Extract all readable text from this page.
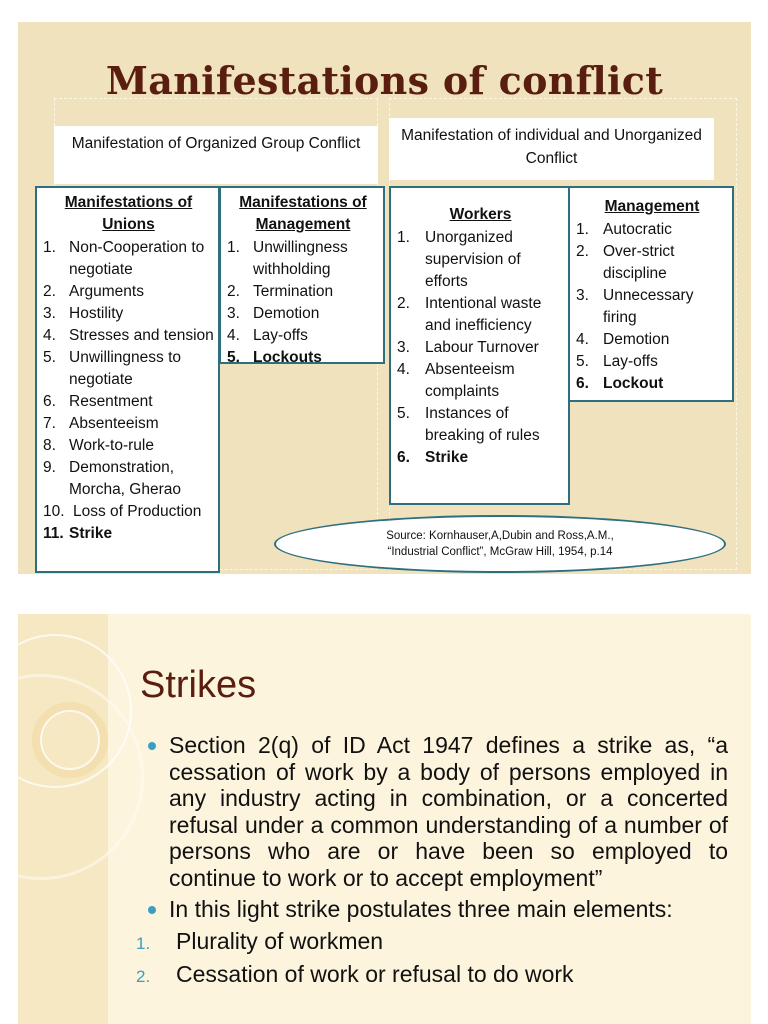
Manifestations of conflict
Manifestation of Organized Group Conflict	Manifestation of individual and Unorganized Conflict
Manifestations of Unions
1. Non-Cooperation to negotiate
2. Arguments
3. Hostility
4. Stresses and tension
5. Unwillingness to negotiate
6. Resentment
7. Absenteeism
8. Work-to-rule
9. Demonstration, Morcha, Gherao
10. Loss of Production
11. Strike
Manifestations of Management
1. Unwillingness withholding
2. Termination
3. Demotion
4. Lay-offs
5. Lockouts
Workers
1. Unorganized supervision of efforts
2. Intentional waste and inefficiency
3. Labour Turnover
4. Absenteeism complaints
5. Instances of breaking of rules
6. Strike
Management
1. Autocratic
2. Over-strict discipline
3. Unnecessary firing
4. Demotion
5. Lay-offs
6. Lockout
Source: Kornhauser,A,Dubin and Ross,A.M.,
“Industrial Conflict”, McGraw Hill, 1954, p.14
Strikes
Section 2(q) of ID Act 1947 defines a strike as, “a cessation of work by a body of persons employed in any industry acting in combination, or a concerted refusal under a common understanding of a number of persons who are or have been so employed to continue to work or to accept employment”
In this light strike postulates three main elements:
1.	Plurality of workmen
2.	Cessation of work or refusal to do work
